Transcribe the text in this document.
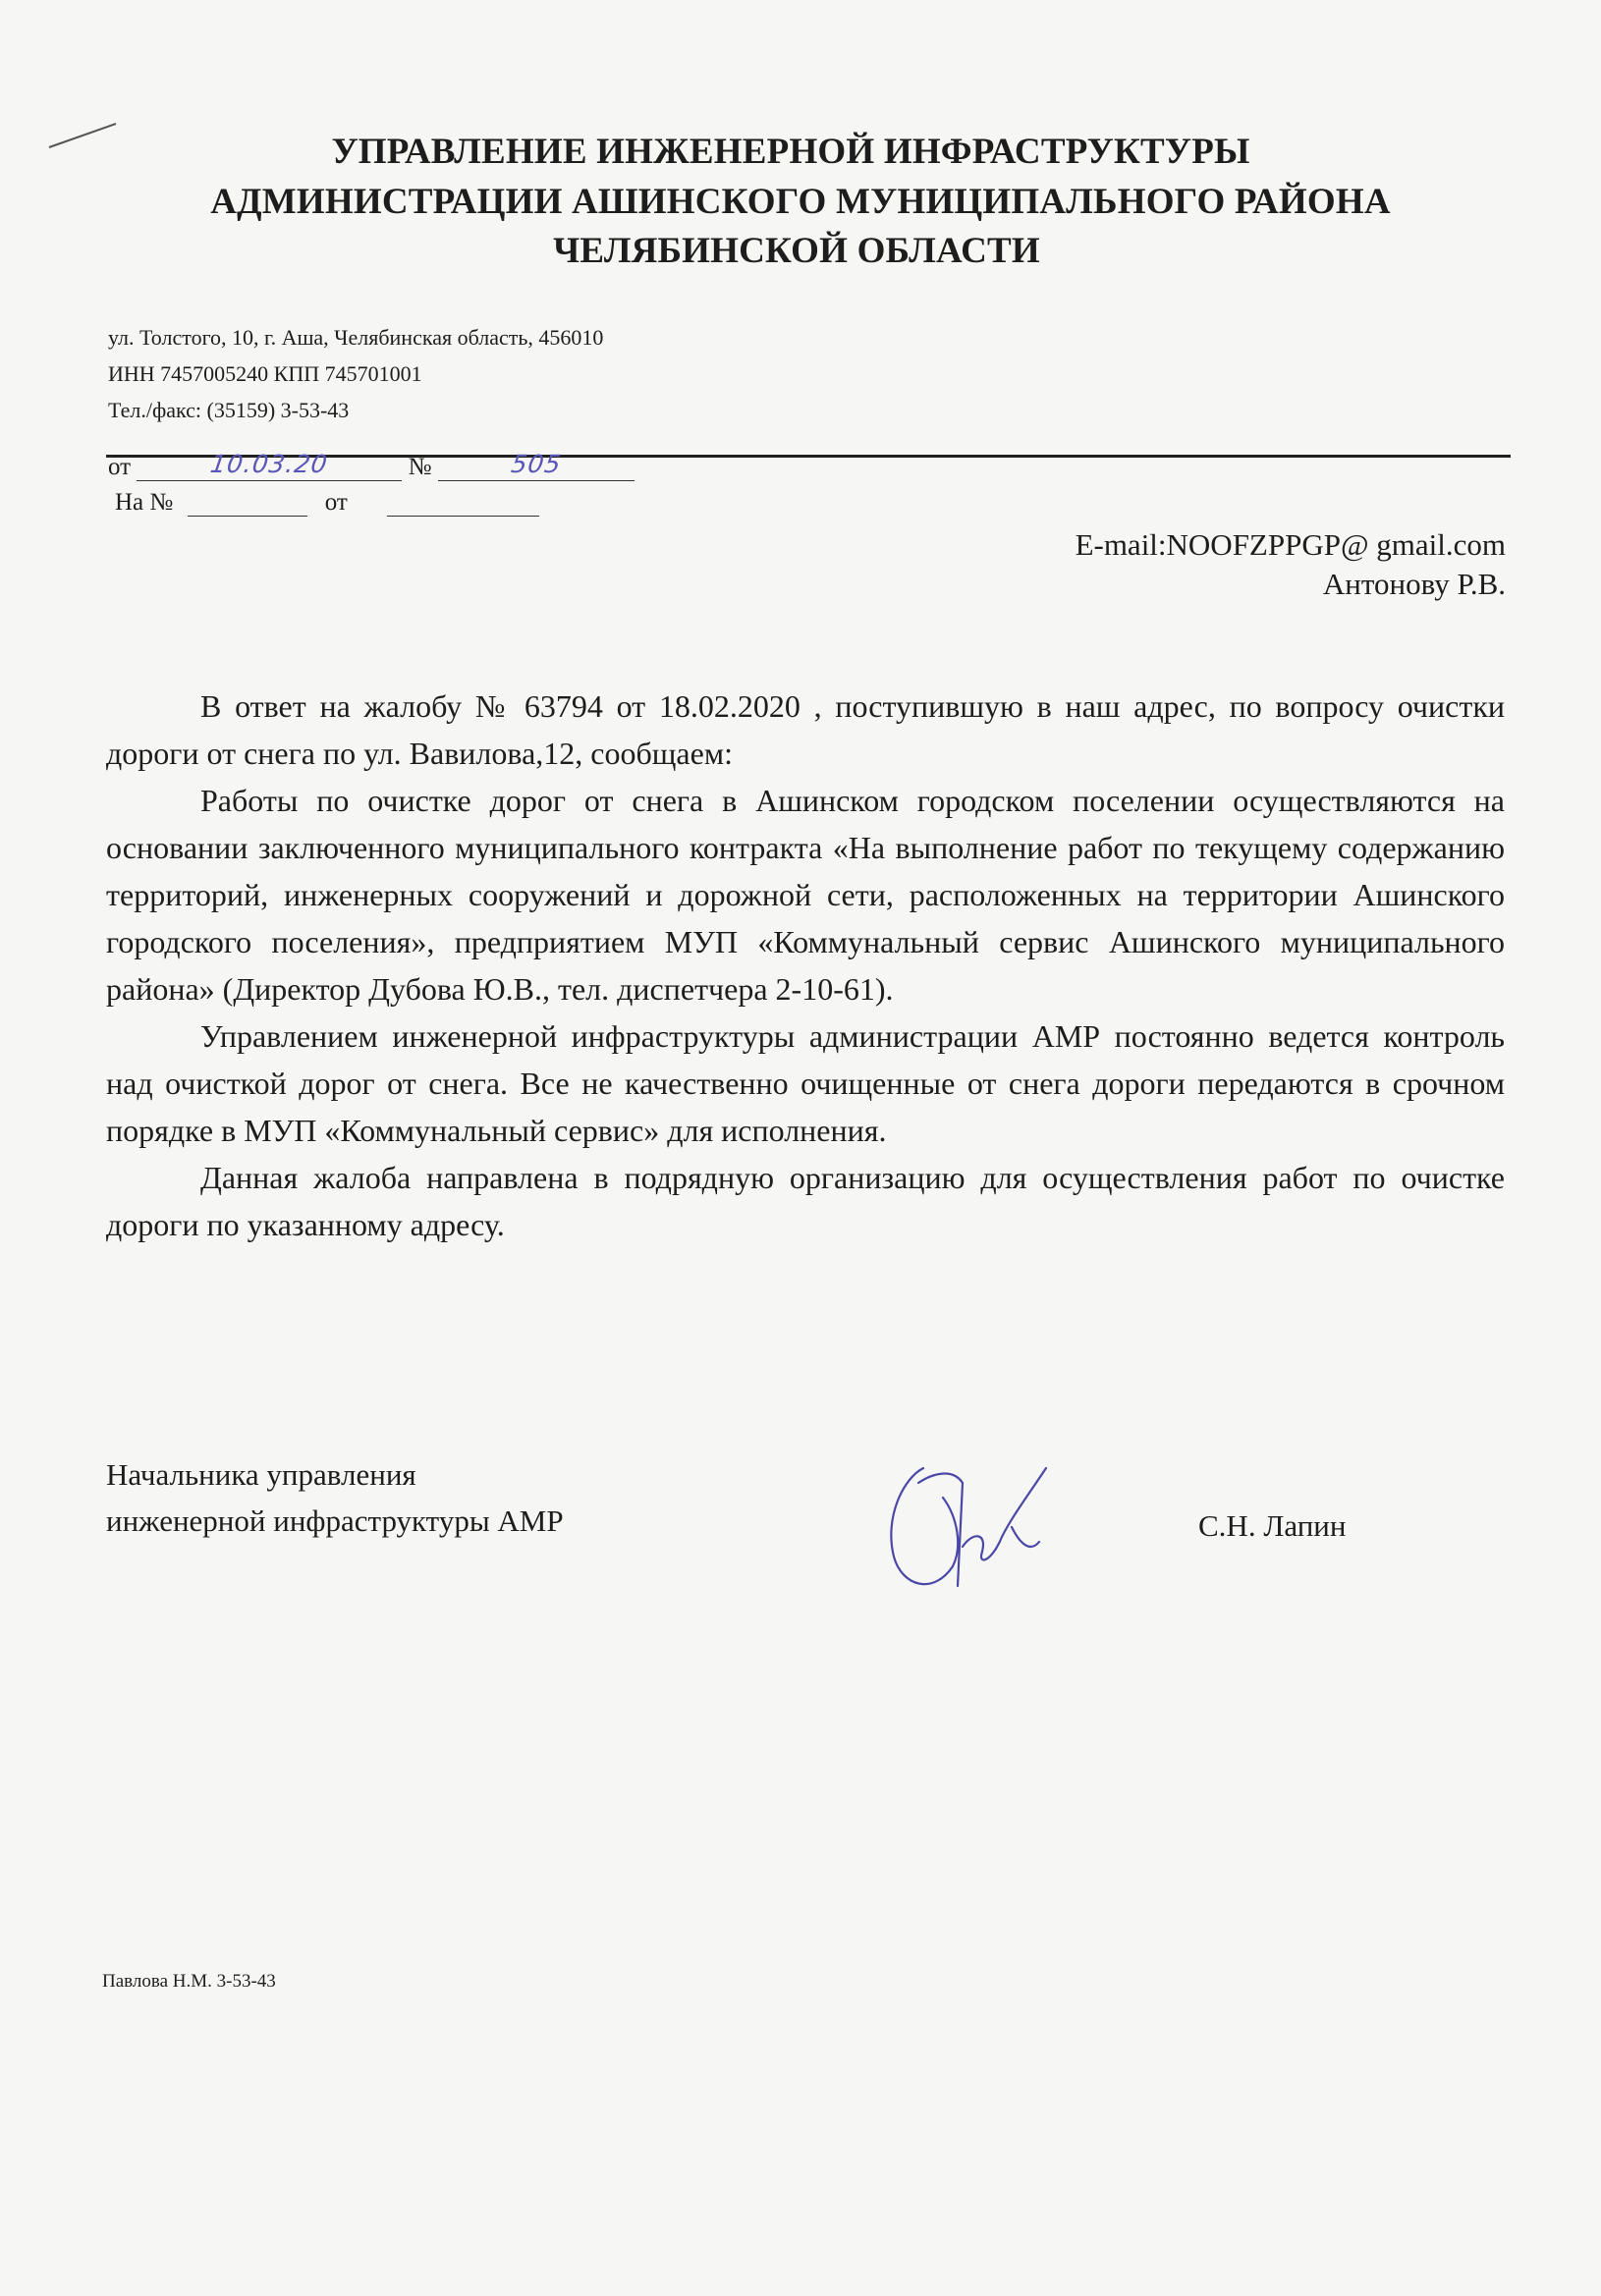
УПРАВЛЕНИЕ ИНЖЕНЕРНОЙ ИНФРАСТРУКТУРЫ
АДМИНИСТРАЦИИ АШИНСКОГО МУНИЦИПАЛЬНОГО РАЙОНА
ЧЕЛЯБИНСКОЙ ОБЛАСТИ
ул. Толстого, 10, г. Аша, Челябинская область, 456010
ИНН 7457005240 КПП 745701001
Тел./факс: (35159) 3-53-43
от	10.03.20	№	505
На №	от
E-mail:NOOFZPPGP@ gmail.com
Антонову Р.В.

В ответ на жалобу № 63794 от 18.02.2020 , поступившую в наш адрес, по вопросу очистки дороги от снега по ул. Вавилова,12, сообщаем:

Работы по очистке дорог от снега в Ашинском городском поселении осуществляются на основании заключенного муниципального контракта «На выполнение работ по текущему содержанию территорий, инженерных сооружений и дорожной сети, расположенных на территории Ашинского городского поселения», предприятием МУП «Коммунальный сервис Ашинского муниципального района» (Директор Дубова Ю.В., тел. диспетчера 2-10-61).

Управлением инженерной инфраструктуры администрации АМР постоянно ведется контроль над очисткой дорог от снега. Все не качественно очищенные от снега дороги передаются в срочном порядке в МУП «Коммунальный сервис» для исполнения.

Данная жалоба направлена в подрядную организацию для осуществления работ по очистке дороги по указанному адресу.

Начальника управления
инженерной инфраструктуры АМР	С.Н. Лапин
Павлова Н.М. 3-53-43
